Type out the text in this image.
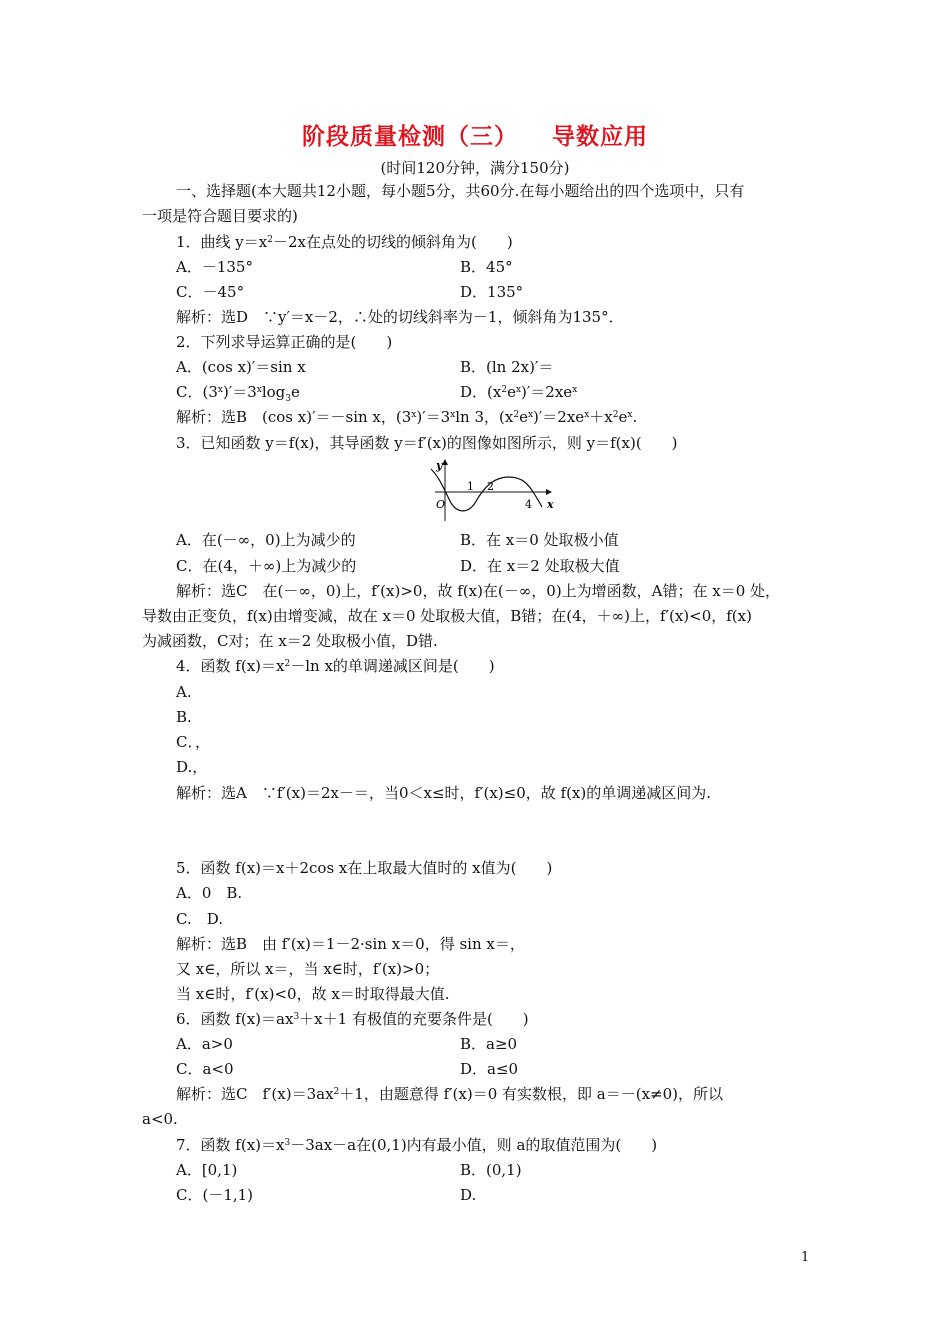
阶段质量检测（三） 导数应用
(时间120分钟，满分150分)
一、选择题(本大题共12小题，每小题5分，共60分.在每小题给出的四个选项中，只有
一项是符合题目要求的)
1．曲线 $y=x^2-2x$在点处的切线的倾斜角为(　　)
A．－135°	B．45°
C．－45°	D．135°
解析：选D　∵y′＝x－2，∴处的切线斜率为－1，倾斜角为135°．
2．下列求导运算正确的是(　　)
A．(cos x)′＝sin x	B．(ln 2x)′＝
C．$(3^x)'=3^x\log_3e$	D．$(x^2e^x)'=2xe^x$
解析：选B　(cos x)′＝－sin x，$(3^x)'=3^x\ln$ 3，$(x^2e^x)'=2xe^x+x^2e^x$.
3．已知函数 y＝f(x)，其导函数 y＝f′(x)的图像如图所示，则 y＝f(x)(　　)
y
x
O
1 2
4
A．在(－∞，0)上为减少的	B．在 x＝0 处取极小值
C．在(4，＋∞)上为减少的	D．在 x＝2 处取极大值
解析：选C　在(－∞，0)上，f′(x)>0，故 f(x)在(－∞，0)上为增函数，A错；在 x＝0 处，
导数由正变负，f(x)由增变减，故在 x＝0 处取极大值，B错；在(4，＋∞)上，f′(x)<0，f(x)
为减函数，C对；在 x＝2 处取极小值，D错.
4．函数 $f(x)=x^2-\ln$ x的单调递减区间是(　　)
A.
B.
C．，
D.，
解析：选A　∵f′(x)＝2x－＝，当0＜x≤时，f′(x)≤0，故 f(x)的单调递减区间为.
5．函数 f(x)＝x＋2cos x在上取最大值时的 x值为(　　)
A．0　B.
C.　D.
解析：选B　由 f′(x)＝1－2·sin x＝0，得 sin x＝，
又 x∈，所以 x＝，当 x∈时，f′(x)>0；
当 x∈时，f′(x)<0，故 x＝时取得最大值.
6．函数 $f(x)=ax^3+x+1$ 有极值的充要条件是(　　)
A．a>0	B．a≥0
C．a<0	D．a≤0
解析：选C　$f'(x)=3ax^2+1$，由题意得 f′(x)＝0 有实数根，即 a＝－(x≠0)，所以
a<0.
7．函数 $f(x)=x^3-3ax-a$在(0,1)内有最小值，则 a的取值范围为(　　)
A．[0,1)	B．(0,1)
C．(－1,1)	D.
1
